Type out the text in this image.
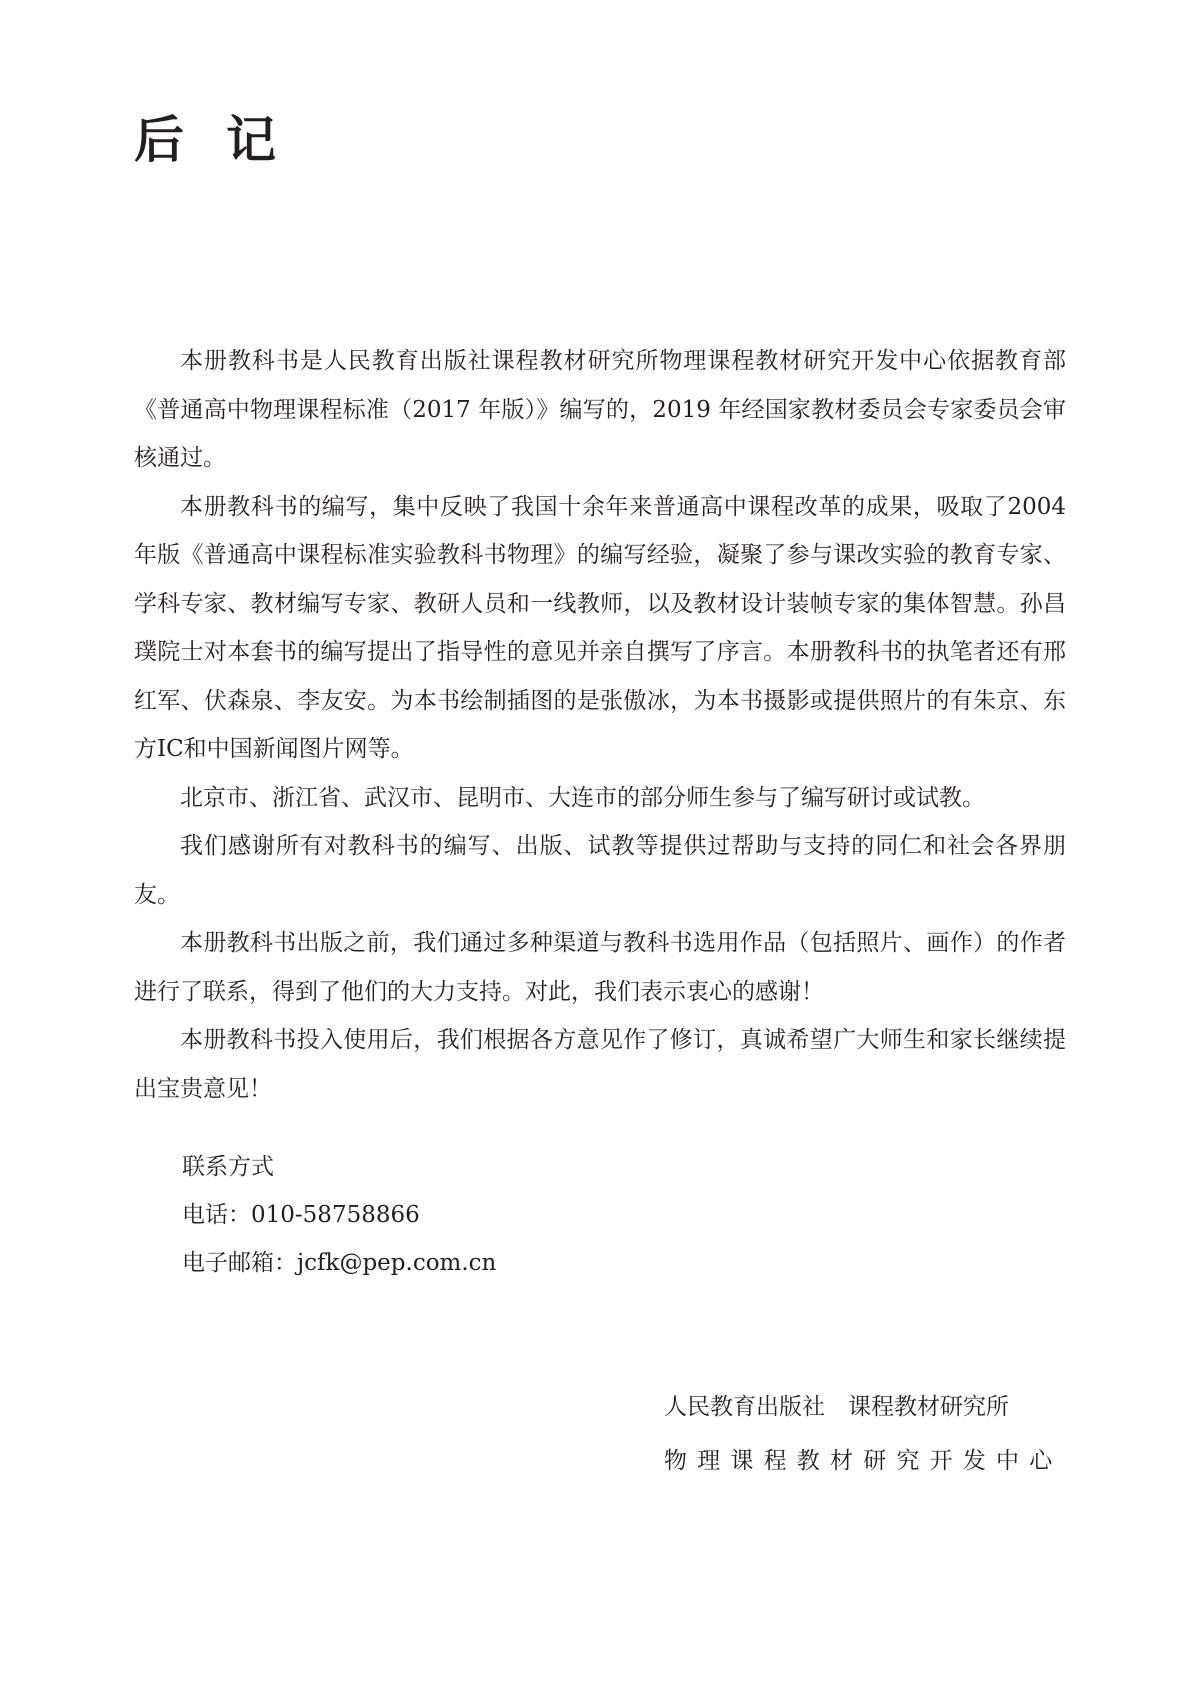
后记

本册教科书是人民教育出版社课程教材研究所物理课程教材研究开发中心依据教育部《普通高中物理课程标准（2017 年版）》编写的，2019 年经国家教材委员会专家委员会审核通过。

本册教科书的编写，集中反映了我国十余年来普通高中课程改革的成果，吸取了2004年版《普通高中课程标准实验教科书物理》的编写经验，凝聚了参与课改实验的教育专家、学科专家、教材编写专家、教研人员和一线教师，以及教材设计装帧专家的集体智慧。孙昌璞院士对本套书的编写提出了指导性的意见并亲自撰写了序言。本册教科书的执笔者还有邢红军、伏森泉、李友安。为本书绘制插图的是张傲冰，为本书摄影或提供照片的有朱京、东方IC和中国新闻图片网等。

北京市、浙江省、武汉市、昆明市、大连市的部分师生参与了编写研讨或试教。

我们感谢所有对教科书的编写、出版、试教等提供过帮助与支持的同仁和社会各界朋友。

本册教科书出版之前，我们通过多种渠道与教科书选用作品（包括照片、画作）的作者进行了联系，得到了他们的大力支持。对此，我们表示衷心的感谢！

本册教科书投入使用后，我们根据各方意见作了修订，真诚希望广大师生和家长继续提出宝贵意见！

联系方式
电话：010-58758866
电子邮箱：jcfk@pep.com.cn
人民教育出版社 课程教材研究所
物理课程教材研究开发中心
